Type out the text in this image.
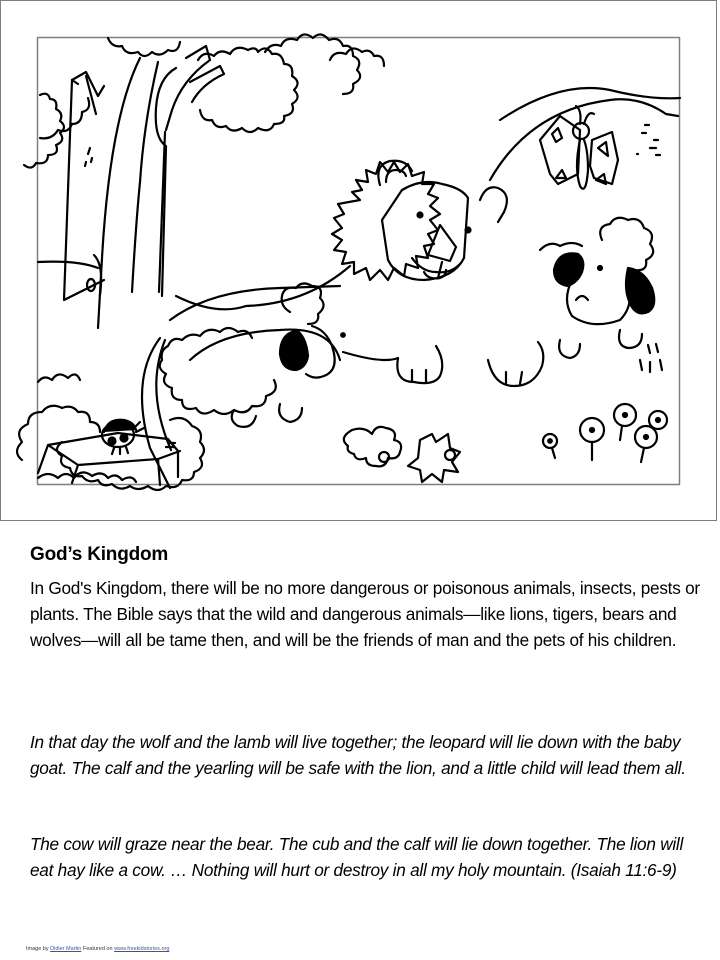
God’s Kingdom

In God's Kingdom, there will be no more dangerous or poisonous animals, insects, pests or plants. The Bible says that the wild and dangerous animals—like lions, tigers, bears and wolves—will all be tame then, and will be the friends of man and the pets of his children.

In that day the wolf and the lamb will live together; the leopard will lie down with the baby goat. The calf and the yearling will be safe with the lion, and a little child will lead them all.

The cow will graze near the bear. The cub and the calf will lie down together. The lion will eat hay like a cow. … Nothing will hurt or destroy in all my holy mountain. (Isaiah 11:6-9)

Image by Didier Martin Featured on www.freekidstories.org
